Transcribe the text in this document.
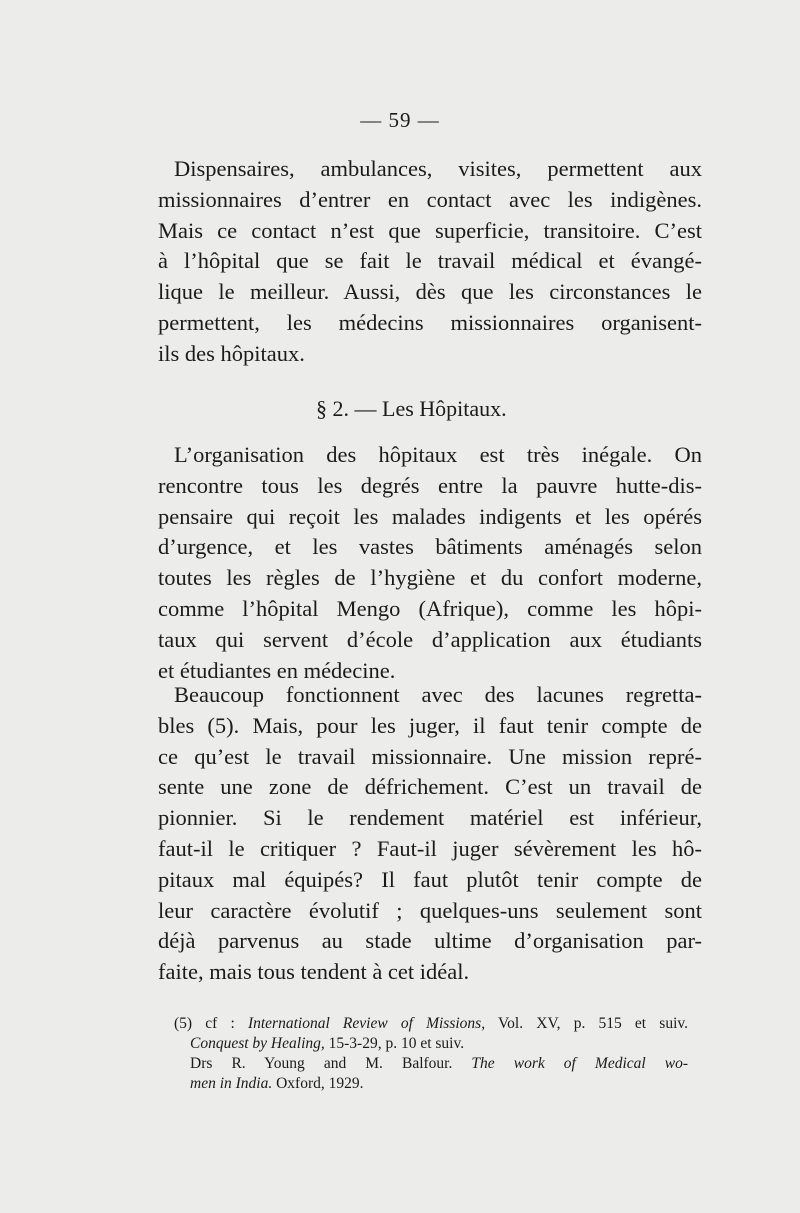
— 59 —
Dispensaires, ambulances, visites, permettent aux
missionnaires d’entrer en contact avec les indigènes.
Mais ce contact n’est que superficie, transitoire. C’est
à l’hôpital que se fait le travail médical et évangé-
lique le meilleur. Aussi, dès que les circonstances le
permettent, les médecins missionnaires organisent-
ils des hôpitaux.
§ 2. — Les Hôpitaux.
L’organisation des hôpitaux est très inégale. On
rencontre tous les degrés entre la pauvre hutte-dis-
pensaire qui reçoit les malades indigents et les opérés
d’urgence, et les vastes bâtiments aménagés selon
toutes les règles de l’hygiène et du confort moderne,
comme l’hôpital Mengo (Afrique), comme les hôpi-
taux qui servent d’école d’application aux étudiants
et étudiantes en médecine.
Beaucoup fonctionnent avec des lacunes regretta-
bles (5). Mais, pour les juger, il faut tenir compte de
ce qu’est le travail missionnaire. Une mission repré-
sente une zone de défrichement. C’est un travail de
pionnier. Si le rendement matériel est inférieur,
faut-il le critiquer ? Faut-il juger sévèrement les hô-
pitaux mal équipés? Il faut plutôt tenir compte de
leur caractère évolutif ; quelques-uns seulement sont
déjà parvenus au stade ultime d’organisation par-
faite, mais tous tendent à cet idéal.
(5) cf : International Review of Missions, Vol. XV, p. 515 et suiv.
Conquest by Healing, 15-3-29, p. 10 et suiv.
Drs R. Young and M. Balfour. The work of Medical wo-
men in India. Oxford, 1929.
